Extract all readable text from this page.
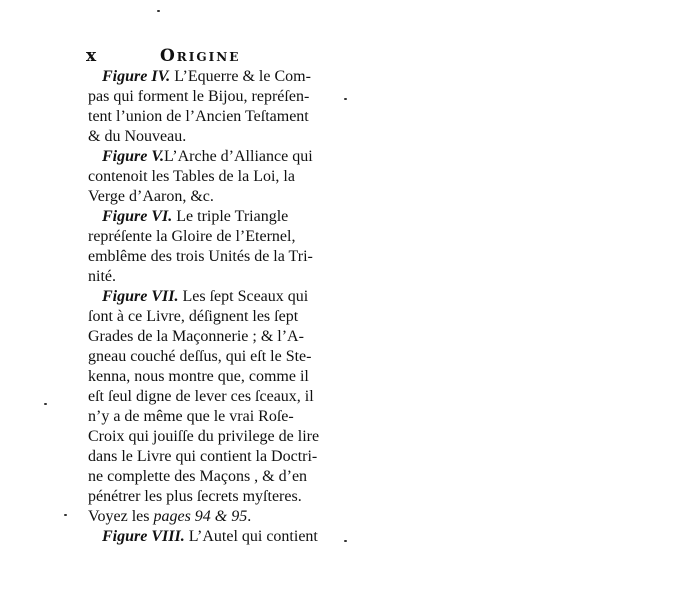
x	Origine
Figure IV. L’Equerre & le Com-
pas qui forment le Bijou, repréſen-
tent l’union de l’Ancien Teſtament
& du Nouveau.
Figure V.L’Arche d’Alliance qui
contenoit les Tables de la Loi, la
Verge d’Aaron, &c.
Figure VI. Le triple Triangle
repréſente la Gloire de l’Eternel,
emblême des trois Unités de la Tri-
nité.
Figure VII. Les ſept Sceaux qui
ſont à ce Livre, déſignent les ſept
Grades de la Maçonnerie ; & l’A-
gneau couché deſſus, qui eſt le Ste-
kenna, nous montre que, comme il
eſt ſeul digne de lever ces ſceaux, il
n’y a de même que le vrai Roſe-
Croix qui jouiſſe du privilege de lire
dans le Livre qui contient la Doctri-
ne complette des Maçons , & d’en
pénétrer les plus ſecrets myſteres.
Voyez les pages 94 & 95.
Figure VIII. L’Autel qui contient
